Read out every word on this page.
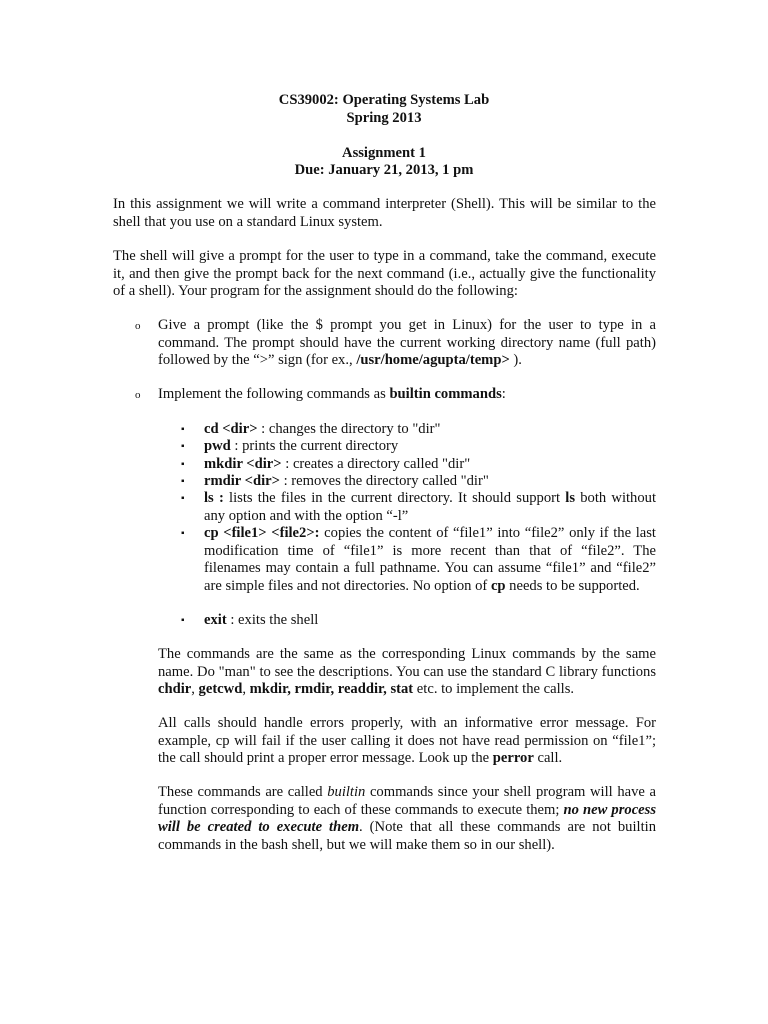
CS39002: Operating Systems Lab
Spring 2013
Assignment 1
Due: January 21, 2013, 1 pm
In this assignment we will write a command interpreter (Shell). This will be similar to the shell that you use on a standard Linux system.
The shell will give a prompt for the user to type in a command, take the command, execute it, and then give the prompt back for the next command (i.e., actually give the functionality of a shell). Your program for the assignment should do the following:
o Give a prompt (like the $ prompt you get in Linux) for the user to type in a command. The prompt should have the current working directory name (full path) followed by the “>” sign (for ex., /usr/home/agupta/temp> ).
o Implement the following commands as builtin commands:
▪ cd <dir> : changes the directory to "dir"
▪ pwd : prints the current directory
▪ mkdir <dir> : creates a directory called "dir"
▪ rmdir <dir> : removes the directory called "dir"
▪ ls : lists the files in the current directory. It should support ls both without any option and with the option “-l”
▪ cp <file1> <file2>: copies the content of “file1” into “file2” only if the last modification time of “file1” is more recent than that of “file2”. The filenames may contain a full pathname. You can assume “file1” and “file2” are simple files and not directories. No option of cp needs to be supported.
▪ exit : exits the shell
The commands are the same as the corresponding Linux commands by the same name. Do "man" to see the descriptions. You can use the standard C library functions chdir, getcwd, mkdir, rmdir, readdir, stat etc. to implement the calls.
All calls should handle errors properly, with an informative error message. For example, cp will fail if the user calling it does not have read permission on “file1”; the call should print a proper error message. Look up the perror call.
These commands are called builtin commands since your shell program will have a function corresponding to each of these commands to execute them; no new process will be created to execute them. (Note that all these commands are not builtin commands in the bash shell, but we will make them so in our shell).
